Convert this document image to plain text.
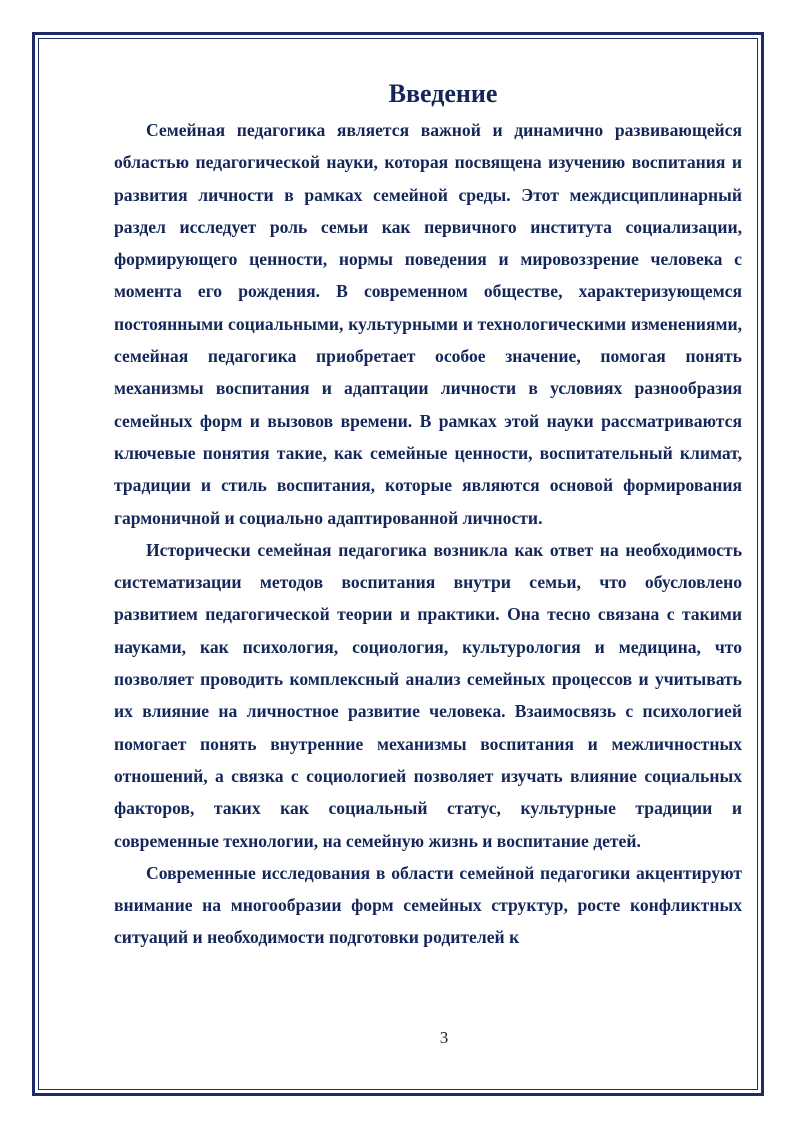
Введение

Семейная педагогика является важной и динамично развивающейся областью педагогической науки, которая посвящена изучению воспитания и развития личности в рамках семейной среды. Этот междисциплинарный раздел исследует роль семьи как первичного института социализации, формирующего ценности, нормы поведения и мировоззрение человека с момента его рождения. В современном обществе, характеризующемся постоянными социальными, культурными и технологическими изменениями, семейная педагогика приобретает особое значение, помогая понять механизмы воспитания и адаптации личности в условиях разнообразия семейных форм и вызовов времени. В рамках этой науки рассматриваются ключевые понятия такие, как семейные ценности, воспитательный климат, традиции и стиль воспитания, которые являются основой формирования гармоничной и социально адаптированной личности.

Исторически семейная педагогика возникла как ответ на необходимость систематизации методов воспитания внутри семьи, что обусловлено развитием педагогической теории и практики. Она тесно связана с такими науками, как психология, социология, культурология и медицина, что позволяет проводить комплексный анализ семейных процессов и учитывать их влияние на личностное развитие человека. Взаимосвязь с психологией помогает понять внутренние механизмы воспитания и межличностных отношений, а связка с социологией позволяет изучать влияние социальных факторов, таких как социальный статус, культурные традиции и современные технологии, на семейную жизнь и воспитание детей.

Современные исследования в области семейной педагогики акцентируют внимание на многообразии форм семейных структур, росте конфликтных ситуаций и необходимости подготовки родителей к

3
